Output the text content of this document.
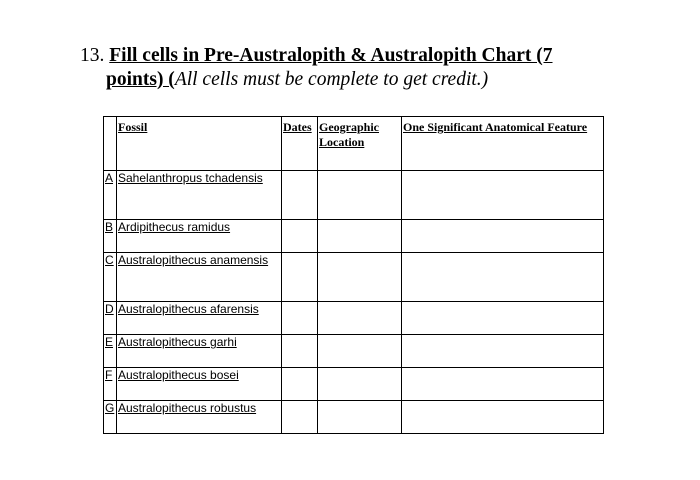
13. Fill cells in Pre-Australopith & Australopith Chart (7
points) (All cells must be complete to get credit.)
	Fossil	Dates	Geographic Location	One Significant Anatomical Feature
A	Sahelanthropus tchadensis			
B	Ardipithecus ramidus			
C	Australopithecus anamensis			
D	Australopithecus afarensis			
E	Australopithecus garhi			
F	Australopithecus bosei			
G	Australopithecus robustus			
